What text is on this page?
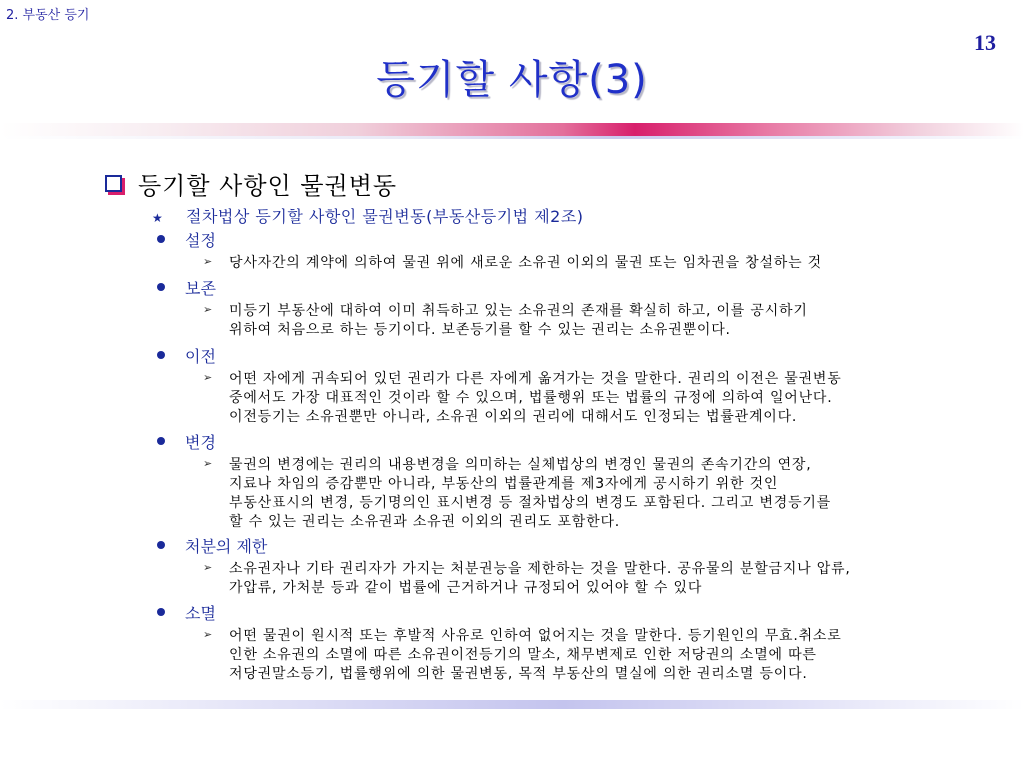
2. 부동산 등기
13
등기할 사항(3)
등기할 사항인 물권변동
★	절차법상 등기할 사항인 물권변동(부동산등기법 제2조)
설정
➢	당사자간의 계약에 의하여 물권 위에 새로운 소유권 이외의 물권 또는 임차권을 창설하는 것
보존
➢	미등기 부동산에 대하여 이미 취득하고 있는 소유권의 존재를 확실히 하고, 이를 공시하기
위하여 처음으로 하는 등기이다. 보존등기를 할 수 있는 권리는 소유권뿐이다.
이전
➢	어떤 자에게 귀속되어 있던 권리가 다른 자에게 옮겨가는 것을 말한다. 권리의 이전은 물권변동
중에서도 가장 대표적인 것이라 할 수 있으며, 법률행위 또는 법률의 규정에 의하여 일어난다.
이전등기는 소유권뿐만 아니라, 소유권 이외의 권리에 대해서도 인정되는 법률관계이다.
변경
➢	물권의 변경에는 권리의 내용변경을 의미하는 실체법상의 변경인 물권의 존속기간의 연장,
지료나 차임의 증감뿐만 아니라, 부동산의 법률관계를 제3자에게 공시하기 위한 것인
부동산표시의 변경, 등기명의인 표시변경 등 절차법상의 변경도 포함된다. 그리고 변경등기를
할 수 있는 권리는 소유권과 소유권 이외의 권리도 포함한다.
처분의 제한
➢	소유권자나 기타 권리자가 가지는 처분권능을 제한하는 것을 말한다. 공유물의 분할금지나 압류,
가압류, 가처분 등과 같이 법률에 근거하거나 규정되어 있어야 할 수 있다
소멸
➢	어떤 물권이 원시적 또는 후발적 사유로 인하여 없어지는 것을 말한다. 등기원인의 무효.취소로
인한 소유권의 소멸에 따른 소유권이전등기의 말소, 채무변제로 인한 저당권의 소멸에 따른
저당권말소등기, 법률행위에 의한 물권변동, 목적 부동산의 멸실에 의한 권리소멸 등이다.
